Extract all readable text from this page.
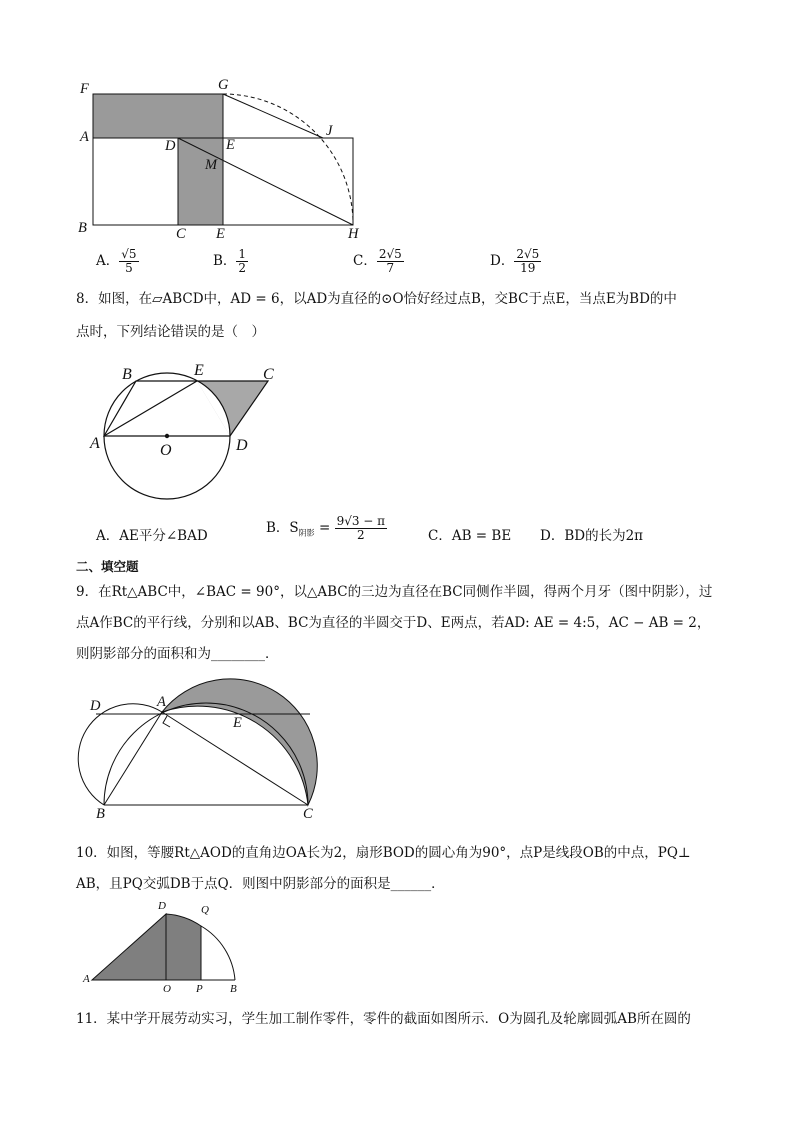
F	G
A	J
D	E
M
B	C E	H
A． $\frac{√5}{5}$	B． $\frac{1}{2}$	C． $\frac{2√5}{7}$	D． $\frac{2√5}{19}$
8．如图，在▱ABCD中，AD = 6，以AD为直径的⊙O恰好经过点B，交BC于点E，当点E为BD的中
点时，下列结论错误的是（　）
B	E	C
A	O	D
A．AE平分∠BAD	B．$S_{阴影} = \frac{9√3 - \pi}{2}$	C．AB = BE D．BD的长为2π
二、填空题
9．在Rt△ABC中，∠BAC = 90°，以△ABC的三边为直径在BC同侧作半圆，得两个月牙（图中阴影），过
点A作BC的平行线，分别和以AB、BC为直径的半圆交于D、E两点，若AD: AE = 4:5，AC − AB = 2，
则阴影部分的面积和为________．
D	A
E
B	C
10．如图，等腰Rt△AOD的直角边OA长为2，扇形BOD的圆心角为90°，点P是线段OB的中点，PQ⊥
AB，且PQ交弧DB于点Q．则图中阴影部分的面积是______．
D	Q
A
O P B
11．某中学开展劳动实习，学生加工制作零件，零件的截面如图所示．O为圆孔及轮廓圆弧AB所在圆的
